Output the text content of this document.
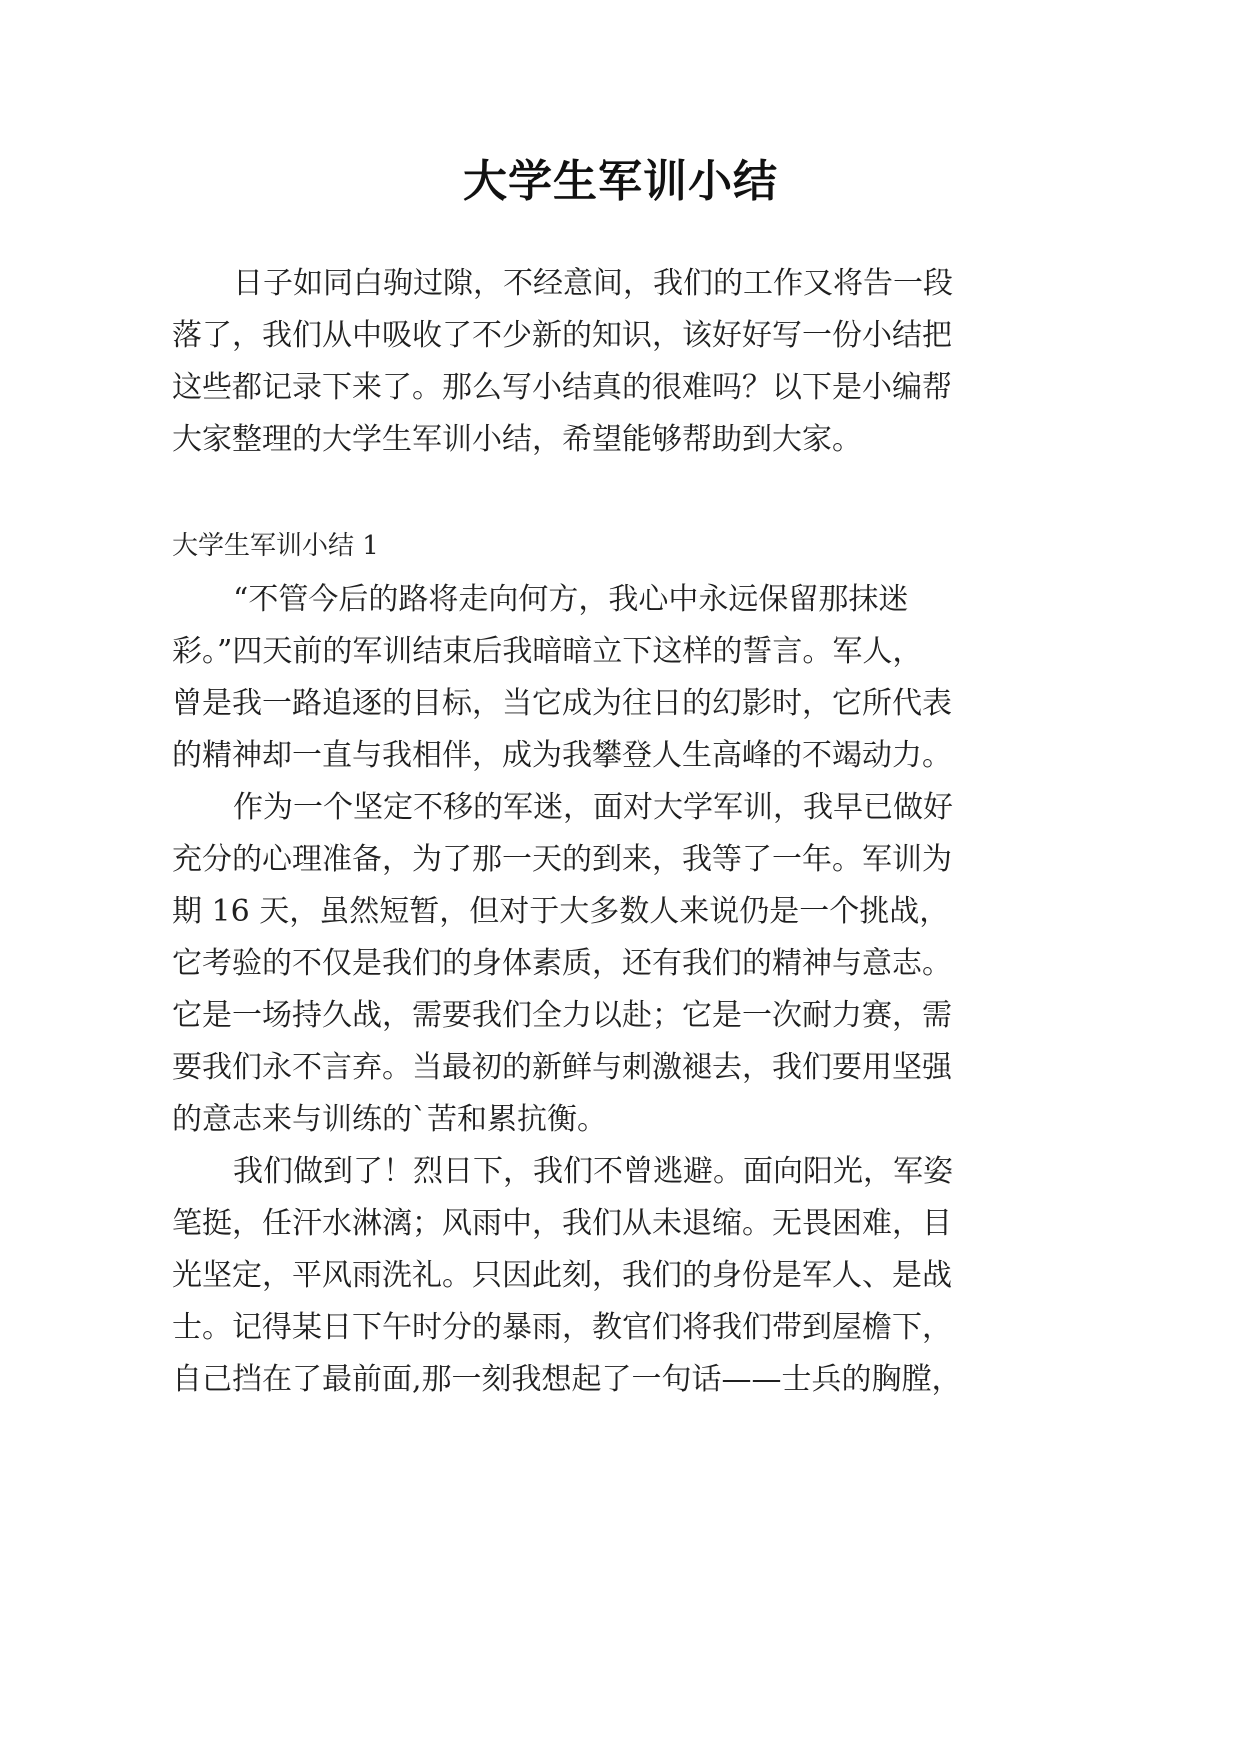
大学生军训小结
日子如同白驹过隙，不经意间，我们的工作又将告一段
落了，我们从中吸收了不少新的知识，该好好写一份小结把
这些都记录下来了。那么写小结真的很难吗？以下是小编帮
大家整理的大学生军训小结，希望能够帮助到大家。
大学生军训小结 1
“不管今后的路将走向何方，我心中永远保留那抹迷
彩。”四天前的军训结束后我暗暗立下这样的誓言。军人，
曾是我一路追逐的目标，当它成为往日的幻影时，它所代表
的精神却一直与我相伴，成为我攀登人生高峰的不竭动力。
作为一个坚定不移的军迷，面对大学军训，我早已做好
充分的心理准备，为了那一天的到来，我等了一年。军训为
期 16 天，虽然短暂，但对于大多数人来说仍是一个挑战，
它考验的不仅是我们的身体素质，还有我们的精神与意志。
它是一场持久战，需要我们全力以赴；它是一次耐力赛，需
要我们永不言弃。当最初的新鲜与刺激褪去，我们要用坚强
的意志来与训练的`苦和累抗衡。
我们做到了！烈日下，我们不曾逃避。面向阳光，军姿
笔挺，任汗水淋漓；风雨中，我们从未退缩。无畏困难，目
光坚定，平风雨洗礼。只因此刻，我们的身份是军人、是战
士。记得某日下午时分的暴雨，教官们将我们带到屋檐下，
自己挡在了最前面,那一刻我想起了一句话——士兵的胸膛，
